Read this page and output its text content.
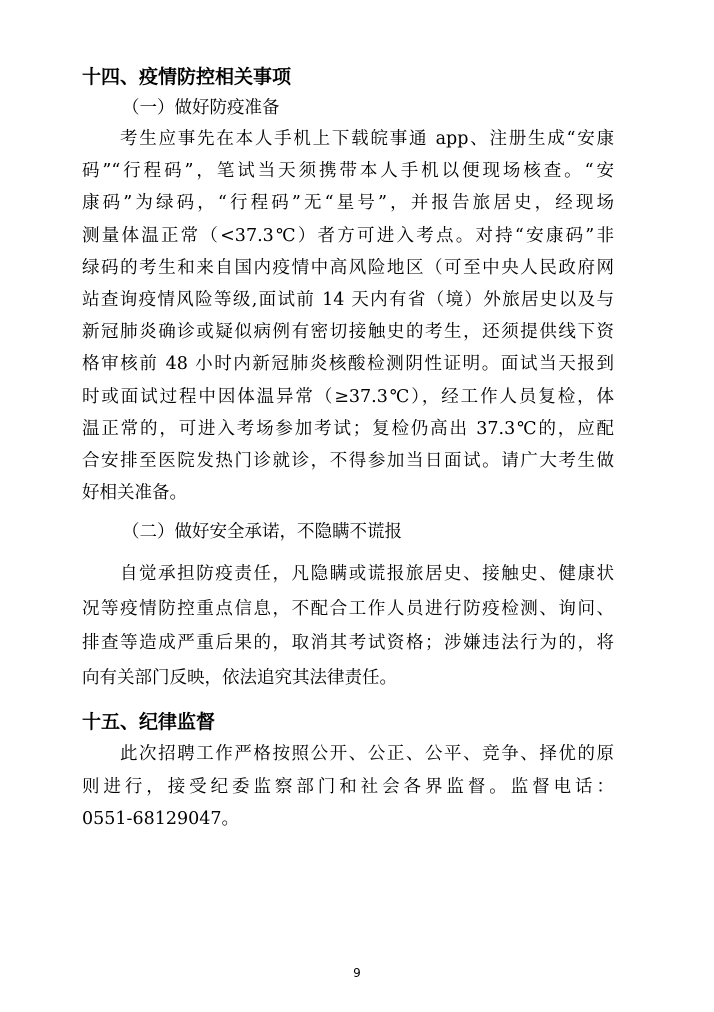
十四、疫情防控相关事项

（一）做好防疫准备

考生应事先在本人手机上下载皖事通 app、注册生成“安康
码”“行程码”，笔试当天须携带本人手机以便现场核查。“安
康码”为绿码，“行程码”无“星号”，并报告旅居史，经现场
测量体温正常（<37.3℃）者方可进入考点。对持“安康码”非
绿码的考生和来自国内疫情中高风险地区（可至中央人民政府网
站查询疫情风险等级,面试前 14 天内有省（境）外旅居史以及与
新冠肺炎确诊或疑似病例有密切接触史的考生，还须提供线下资
格审核前 48 小时内新冠肺炎核酸检测阴性证明。面试当天报到
时或面试过程中因体温异常（≥37.3℃），经工作人员复检，体
温正常的，可进入考场参加考试；复检仍高出 37.3℃的，应配
合安排至医院发热门诊就诊，不得参加当日面试。请广大考生做
好相关准备。

（二）做好安全承诺，不隐瞒不谎报

自觉承担防疫责任，凡隐瞒或谎报旅居史、接触史、健康状
况等疫情防控重点信息，不配合工作人员进行防疫检测、询问、
排查等造成严重后果的，取消其考试资格；涉嫌违法行为的，将
向有关部门反映，依法追究其法律责任。

十五、纪律监督

此次招聘工作严格按照公开、公正、公平、竞争、择优的原
则进行，接受纪委监察部门和社会各界监督。监督电话：
0551-68129047。
9
